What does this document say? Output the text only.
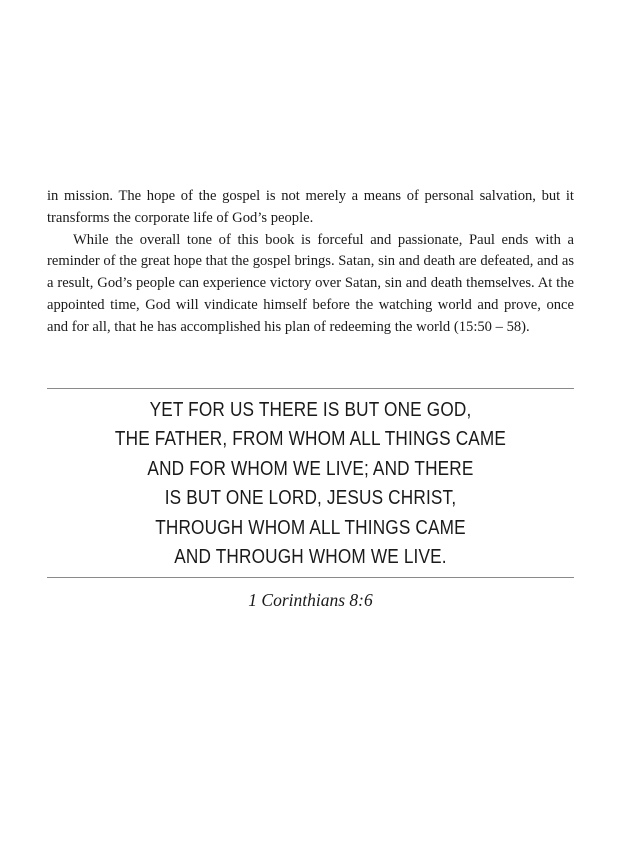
in mission. The hope of the gospel is not merely a means of personal salvation, but it transforms the corporate life of God’s people.

While the overall tone of this book is forceful and passionate, Paul ends with a reminder of the great hope that the gospel brings. Satan, sin and death are defeated, and as a result, God’s people can experience victory over Satan, sin and death themselves. At the appointed time, God will vindicate himself before the watching world and prove, once and for all, that he has accomplished his plan of redeeming the world (15:50 – 58).

YET FOR US THERE IS BUT ONE GOD,
THE FATHER, FROM WHOM ALL THINGS CAME
AND FOR WHOM WE LIVE; AND THERE
IS BUT ONE LORD, JESUS CHRIST,
THROUGH WHOM ALL THINGS CAME
AND THROUGH WHOM WE LIVE.
1 Corinthians 8:6
